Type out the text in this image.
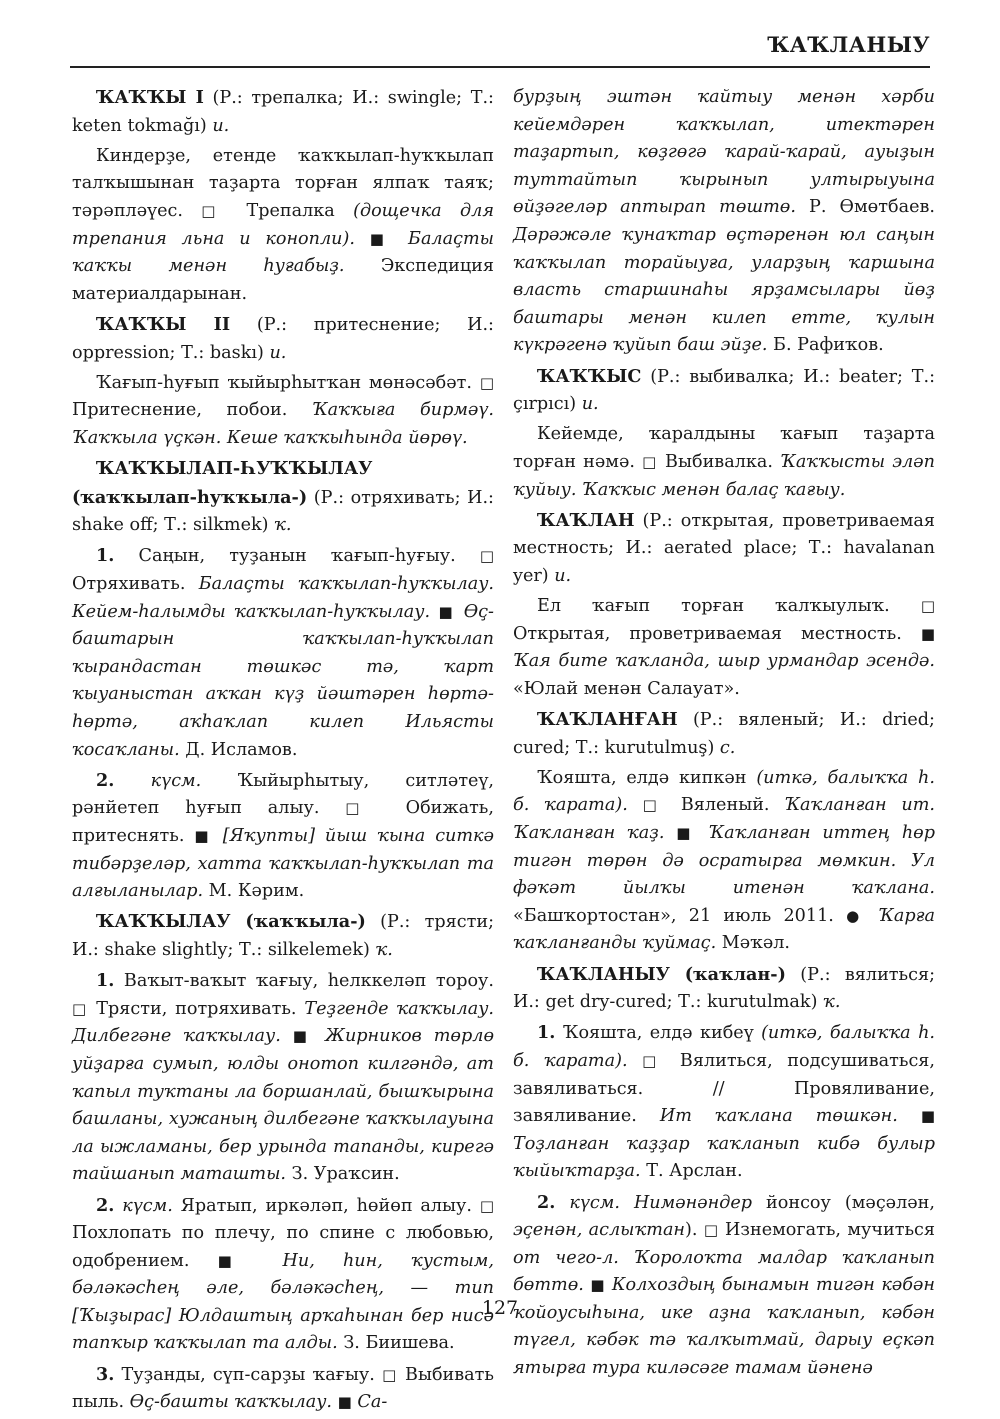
ҠАҠЛАНЫУ

ҠАҠҠЫ I (Р.: трепалка; И.: swingle; Т.: keten tokmağı) и.

Киндерҙе, етенде ҡаҡҡылап-һуҡҡылап талҡышынан таҙарта торған ялпаҡ таяҡ; тәрәпләүес. □ Трепалка (дощечка для трепания льна и конопли). ■ Балаҫты ҡаҡҡы менән һуғабыҙ. Экспедиция материалдарынан.

ҠАҠҠЫ II (Р.: притеснение; И.: oppression; Т.: baskı) и.

Ҡағып-һуғып ҡыйырһытҡан мөнәсәбәт. □ Притеснение, побои. Ҡаҡҡыға бирмәү. Ҡаҡҡыла үҫкән. Кеше ҡаҡҡыһында йөрөү.

ҠАҠҠЫЛАП-ҺУҠҠЫЛАУ (ҡаҡҡылап-һуҡҡыла-) (Р.: отряхивать; И.: shake off; Т.: silkmek) ҡ.

1. Саңын, туҙанын ҡағып-һуғыу. □ Отряхивать. Балаҫты ҡаҡҡылап-һуҡҡылау. Кейем-һалымды ҡаҡҡылап-һуҡҡылау. ■ Өҫ-баштарын ҡаҡҡылап-һуҡҡылап ҡырандастан төшкәс тә, ҡарт ҡыуаныстан аҡҡан күҙ йәштәрен һөртә-һөртә, аҡһаҡлап килеп Ильясты ҡосаҡланы. Д. Исламов.

2. күсм. Ҡыйырһытыу, ситләтеү, рәнйетеп һуғып алыу. □ Обижать, притеснять. ■ [Яҡупты] йыш ҡына ситкә тибәрҙеләр, хатта ҡаҡҡылап-һуҡҡылап та алғыланылар. М. Кәрим.

ҠАҠҠЫЛАУ (ҡаҡҡыла-) (Р.: трясти; И.: shake slightly; Т.: silkelemek) ҡ.

1. Ваҡыт-ваҡыт ҡағыу, һелккеләп тороу. □ Трясти, потряхивать. Теҙгенде ҡаҡҡылау. Дилбегәне ҡаҡҡылау. ■ Жирников төрлө уйҙарға сумып, юлды онотоп килгәндә, ат ҡапыл туҡтаны ла боршанлай, бышҡырына башланы, хужаның дилбегәне ҡаҡҡылауына ла ыжламаны, бер урында тапанды, кирегә тайшанып маташты. З. Ураҡсин.

2. күсм. Яратып, иркәләп, һөйөп алыу. □ Похлопать по плечу, по спине с любовью, одобрением. ■ Ни, һин, ҡустым, бәләкәсһең әле, бәләкәсһең, — тип [Ҡыҙырас] Юлдаштың арҡаһынан бер нисә тапҡыр ҡаҡҡылап та алды. З. Биишева.

3. Туҙанды, сүп-сарҙы ҡағыу. □ Выбивать пыль. Өҫ-башты ҡаҡҡылау. ■ Са-

бурҙың эштән ҡайтыу менән хәрби кейемдәрен ҡаҡҡылап, итектәрен таҙартып, көҙгөгә ҡарай-ҡарай, ауыҙын туmтайтып ҡырынып ултырыуына өйҙәгеләр аптырап төштө. Р. Өмөтбаев. Дәрәжәле ҡунаҡтар өҫтәренән юл саңын ҡаҡҡылап торайыуға, уларҙың ҡаршына власть старшинаһы ярҙамсылары йөҙ баштары менән килеп етте, ҡулын күкрәгенә ҡуйып баш эйҙе. Б. Рафиҡов.

ҠАҠҠЫС (Р.: выбивалка; И.: beater; Т.: çırpıcı) и.

Кейемде, ҡаралдыны ҡағып таҙарта торған нәмә. □ Выбивалка. Ҡаҡҡысты эләп ҡуйыу. Ҡаҡҡыс менән балаҫ ҡағыу.

ҠАҠЛАН (Р.: открытая, проветриваемая местность; И.: aerated place; Т.: havalanan yer) и.

Ел ҡағып торған ҡалҡыулыҡ. □ Открытая, проветриваемая местность. ■ Ҡая бите ҡаҡланда, шыр урмандар эсендә. «Юлай менән Салауат».

ҠАҠЛАНҒАН (Р.: вяленый; И.: dried; cured; Т.: kurutulmuş) с.

Ҡояшта, елдә кипкән (иткә, балыҡҡа һ. б. ҡарата). □ Вяленый. Ҡаҡланған ит. Ҡаҡланған ҡаҙ. ■ Ҡаҡланған иттең һөр тигән төрөн дә осратырға мөмкин. Ул фәҡәт йылҡы итенән ҡаҡлана. «Башҡортостан», 21 июль 2011. ● Ҡарға ҡаҡланғанды ҡуймаҫ. Мәҡәл.

ҠАҠЛАНЫУ (ҡаҡлан-) (Р.: вялиться; И.: get dry-cured; Т.: kurutulmak) ҡ.

1. Ҡояшта, елдә кибеү (иткә, балыҡҡа һ. б. ҡарата). □ Вялиться, подсушиваться, завяливаться. // Провяливание, завяливание. Ит ҡаҡлана төшкән. ■ Тоҙланған ҡаҙҙар ҡаҡланып кибә булыр ҡыйыҡтарҙа. Т. Арслан.

2. күсм. Нимәнәндер йонсоу (мәҫәлән, эҫенән, аслыҡтан). □ Изнемогать, мучиться от чего-л. Ҡоролоҡта малдар ҡаҡланып бөттө. ■ Колхоздың бынамын тигән кәбән ҡойоусыһына, ике аҙна ҡаҡланып, кәбән түгел, кәбәк тә ҡалҡытмай, дарыу еҫкәп ятырға тура киләсәге тамам йәненә

127
